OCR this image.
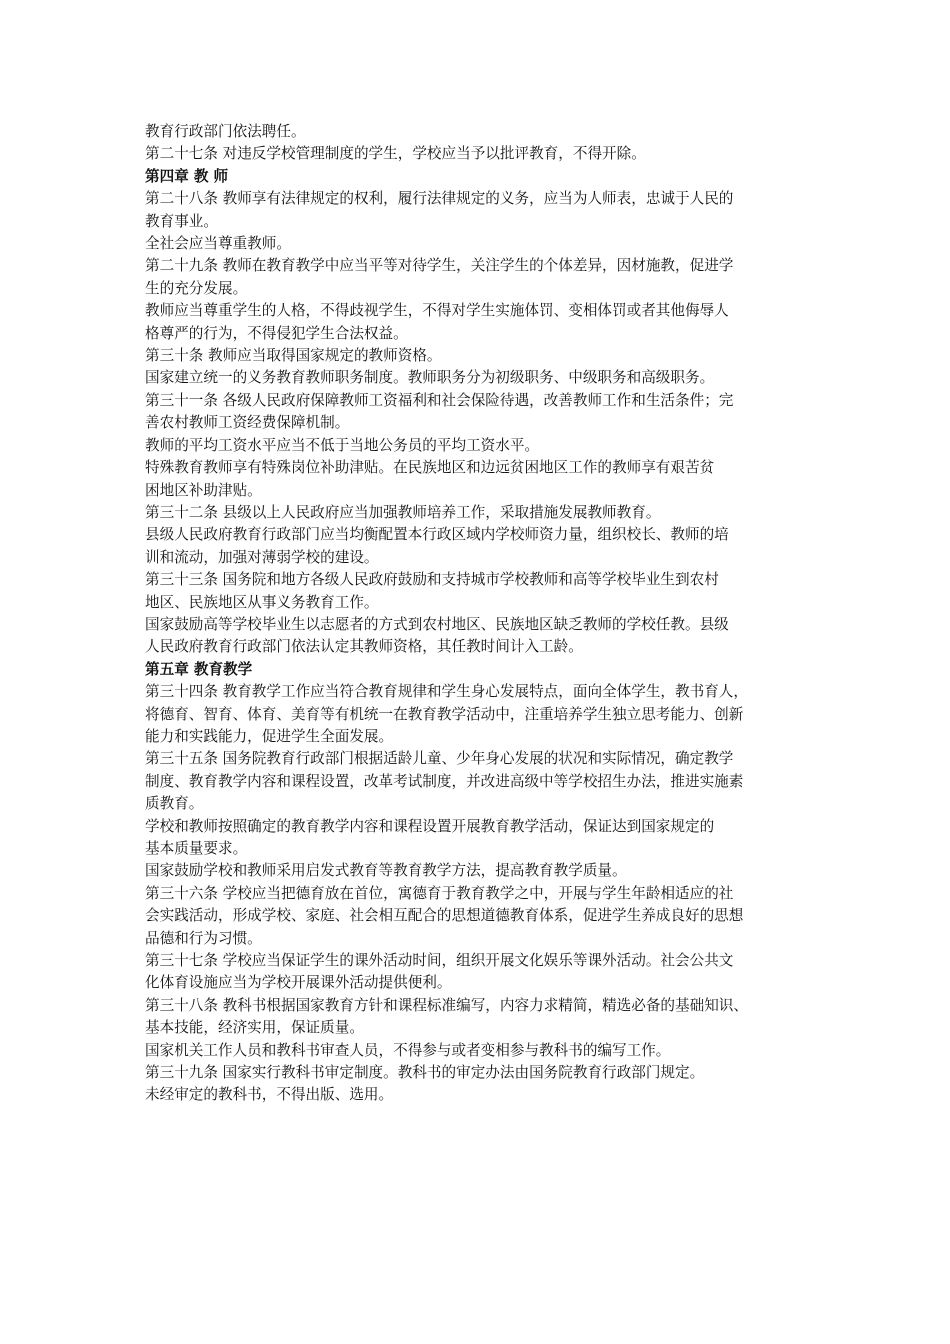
教育行政部门依法聘任。

第二十七条 对违反学校管理制度的学生，学校应当予以批评教育，不得开除。

第四章 教 师

第二十八条 教师享有法律规定的权利，履行法律规定的义务，应当为人师表，忠诚于人民的

教育事业。

全社会应当尊重教师。

第二十九条 教师在教育教学中应当平等对待学生，关注学生的个体差异，因材施教，促进学

生的充分发展。

教师应当尊重学生的人格，不得歧视学生，不得对学生实施体罚、变相体罚或者其他侮辱人

格尊严的行为，不得侵犯学生合法权益。

第三十条 教师应当取得国家规定的教师资格。

国家建立统一的义务教育教师职务制度。教师职务分为初级职务、中级职务和高级职务。

第三十一条 各级人民政府保障教师工资福利和社会保险待遇，改善教师工作和生活条件；完

善农村教师工资经费保障机制。

教师的平均工资水平应当不低于当地公务员的平均工资水平。

特殊教育教师享有特殊岗位补助津贴。在民族地区和边远贫困地区工作的教师享有艰苦贫

困地区补助津贴。

第三十二条 县级以上人民政府应当加强教师培养工作，采取措施发展教师教育。

县级人民政府教育行政部门应当均衡配置本行政区域内学校师资力量，组织校长、教师的培

训和流动，加强对薄弱学校的建设。

第三十三条 国务院和地方各级人民政府鼓励和支持城市学校教师和高等学校毕业生到农村

地区、民族地区从事义务教育工作。

国家鼓励高等学校毕业生以志愿者的方式到农村地区、民族地区缺乏教师的学校任教。县级

人民政府教育行政部门依法认定其教师资格，其任教时间计入工龄。

第五章 教育教学

第三十四条 教育教学工作应当符合教育规律和学生身心发展特点，面向全体学生，教书育人，

将德育、智育、体育、美育等有机统一在教育教学活动中，注重培养学生独立思考能力、创新

能力和实践能力，促进学生全面发展。

第三十五条 国务院教育行政部门根据适龄儿童、少年身心发展的状况和实际情况，确定教学

制度、教育教学内容和课程设置，改革考试制度，并改进高级中等学校招生办法，推进实施素

质教育。

学校和教师按照确定的教育教学内容和课程设置开展教育教学活动，保证达到国家规定的

基本质量要求。

国家鼓励学校和教师采用启发式教育等教育教学方法，提高教育教学质量。

第三十六条 学校应当把德育放在首位，寓德育于教育教学之中，开展与学生年龄相适应的社

会实践活动，形成学校、家庭、社会相互配合的思想道德教育体系，促进学生养成良好的思想

品德和行为习惯。

第三十七条 学校应当保证学生的课外活动时间，组织开展文化娱乐等课外活动。社会公共文

化体育设施应当为学校开展课外活动提供便利。

第三十八条 教科书根据国家教育方针和课程标准编写，内容力求精简，精选必备的基础知识、

基本技能，经济实用，保证质量。

国家机关工作人员和教科书审查人员，不得参与或者变相参与教科书的编写工作。

第三十九条 国家实行教科书审定制度。教科书的审定办法由国务院教育行政部门规定。

未经审定的教科书，不得出版、选用。
